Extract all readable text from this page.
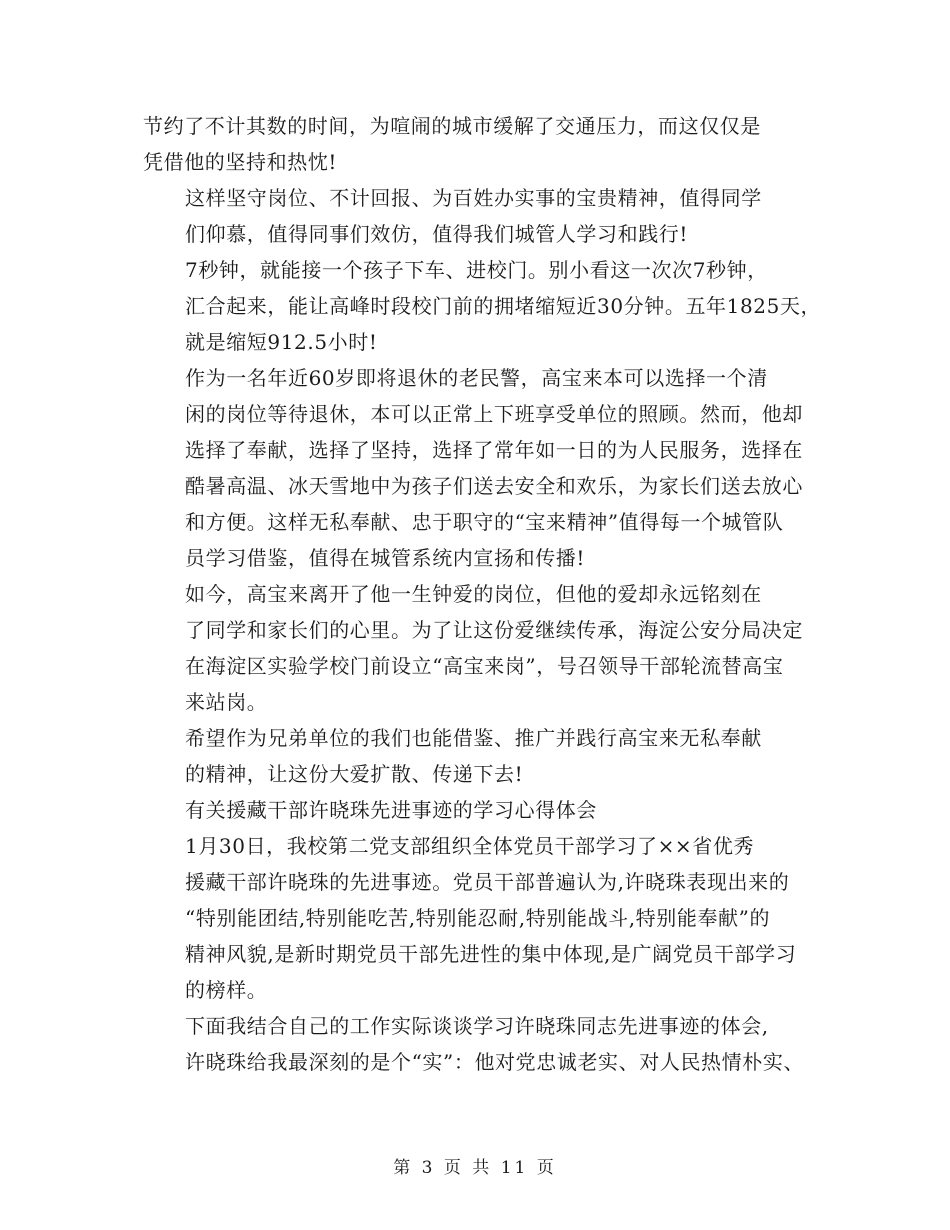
节约了不计其数的时间，为喧闹的城市缓解了交通压力，而这仅仅是
凭借他的坚持和热忱!

这样坚守岗位、不计回报、为百姓办实事的宝贵精神，值得同学
们仰慕，值得同事们效仿，值得我们城管人学习和践行!

7秒钟，就能接一个孩子下车、进校门。别小看这一次次7秒钟，
汇合起来，能让高峰时段校门前的拥堵缩短近30分钟。五年1825天，
就是缩短912.5小时!

作为一名年近60岁即将退休的老民警，高宝来本可以选择一个清
闲的岗位等待退休，本可以正常上下班享受单位的照顾。然而，他却
选择了奉献，选择了坚持，选择了常年如一日的为人民服务，选择在
酷暑高温、冰天雪地中为孩子们送去安全和欢乐，为家长们送去放心
和方便。这样无私奉献、忠于职守的“宝来精神”值得每一个城管队
员学习借鉴，值得在城管系统内宣扬和传播!

如今，高宝来离开了他一生钟爱的岗位，但他的爱却永远铭刻在
了同学和家长们的心里。为了让这份爱继续传承，海淀公安分局决定
在海淀区实验学校门前设立“高宝来岗”，号召领导干部轮流替高宝
来站岗。

希望作为兄弟单位的我们也能借鉴、推广并践行高宝来无私奉献
的精神，让这份大爱扩散、传递下去!

有关援藏干部许晓珠先进事迹的学习心得体会

1月30日，我校第二党支部组织全体党员干部学习了××省优秀
援藏干部许晓珠的先进事迹。党员干部普遍认为,许晓珠表现出来的
“特别能团结,特别能吃苦,特别能忍耐,特别能战斗,特别能奉献”的
精神风貌,是新时期党员干部先进性的集中体现,是广阔党员干部学习
的榜样。

下面我结合自己的工作实际谈谈学习许晓珠同志先进事迹的体会,
许晓珠给我最深刻的是个“实”：他对党忠诚老实、对人民热情朴实、

第 3 页 共 11 页
